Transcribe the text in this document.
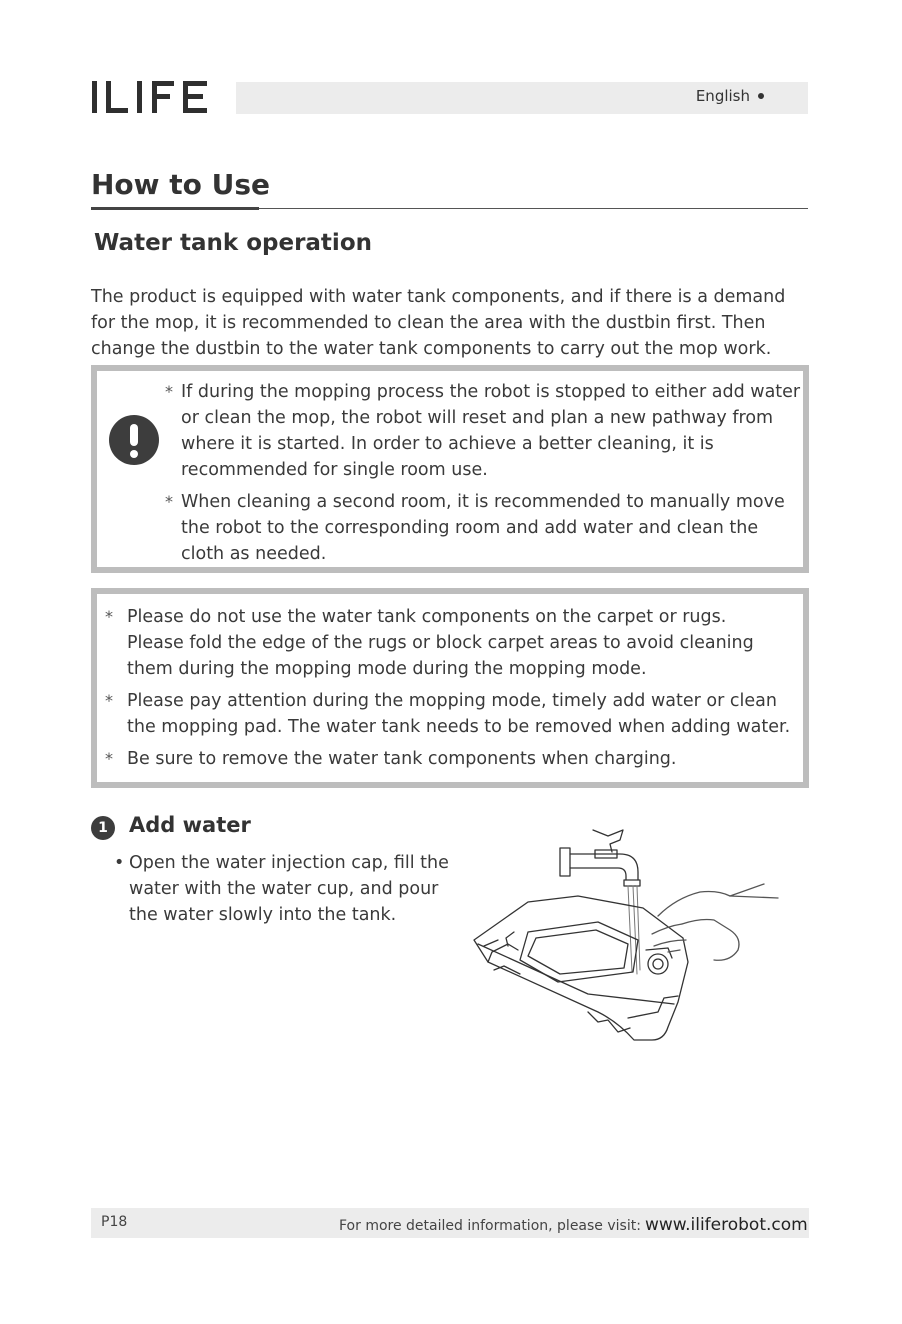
English
How to Use
Water tank operation

The product is equipped with water tank components, and if there is a demand

for the mop, it is recommended to clean the area with the dustbin first. Then

change the dustbin to the water tank components to carry out the mop work.

* If during the mopping process the robot is stopped to either add water
or clean the mop, the robot will reset and plan a new pathway from
where it is started. In order to achieve a better cleaning, it is
recommended for single room use.
* When cleaning a second room, it is recommended to manually move
the robot to the corresponding room and add water and clean the
cloth as needed.
* Please do not use the water tank components on the carpet or rugs.
Please fold the edge of the rugs or block carpet areas to avoid cleaning
them during the mopping mode during the mopping mode.
* Please pay attention during the mopping mode, timely add water or clean
the mopping pad. The water tank needs to be removed when adding water.
* Be sure to remove the water tank components when charging.
1	Add water
• Open the water injection cap, fill the
water with the water cup, and pour
the water slowly into the tank.
P18	For more detailed information, please visit: www.iliferobot.com
